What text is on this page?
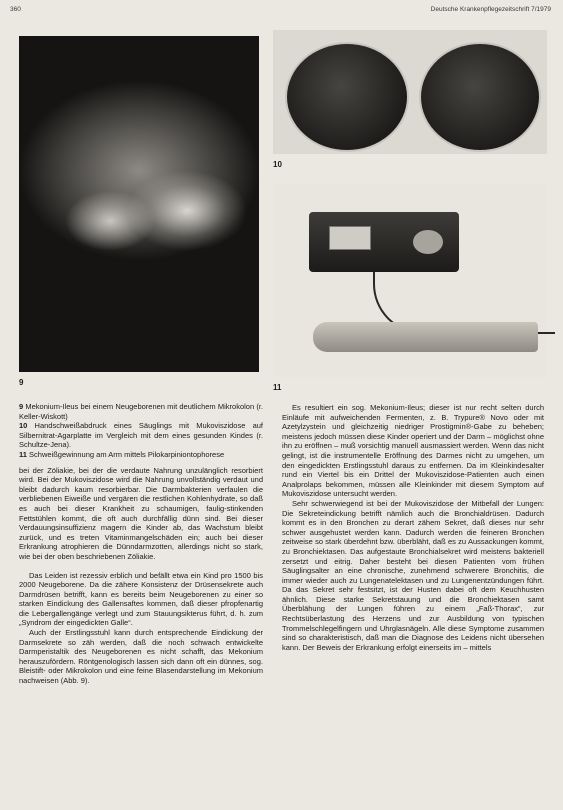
360	Deutsche Krankenpflegezeitschrift 7/1979
9
10
11

9 Mekonium-Ileus bei einem Neugeborenen mit deutlichem Mikrokolon (r. Keller-Wiskott)

10 Handschweißabdruck eines Säuglings mit Mukoviszidose auf Silbernitrat-Agarplatte im Vergleich mit dem eines gesunden Kindes (r. Schultze-Jena).

11 Schweißgewinnung am Arm mittels Pilokarpiniontophorese

bei der Zöliakie, bei der die verdaute Nahrung unzulänglich resorbiert wird. Bei der Mukoviszidose wird die Nahrung unvollständig verdaut und bleibt dadurch kaum resorbierbar. Die Darmbakterien verfaulen die verbliebenen Eiweiße und vergären die restlichen Kohlenhydrate, so daß es auch bei dieser Krankheit zu schaumigen, faulig-stinkenden Fettstühlen kommt, die oft auch durchfällig dünn sind. Bei dieser Verdauungsinsuffizienz magern die Kinder ab, das Wachstum bleibt zurück, und es treten Vitaminmangelschäden ein; auch bei dieser Erkrankung atrophieren die Dünndarmzotten, allerdings nicht so stark, wie bei der oben beschriebenen Zöliakie.

Das Leiden ist rezessiv erblich und befällt etwa ein Kind pro 1500 bis 2000 Neugeborene. Da die zähere Konsistenz der Drüsensekrete auch Darmdrüsen betrifft, kann es bereits beim Neugeborenen zu einer so starken Eindickung des Gallensaftes kommen, daß dieser pfropfenartig die Lebergallengänge verlegt und zum Stauungsikterus führt, d. h. zum „Syndrom der eingedickten Galle“.

Auch der Erstlingsstuhl kann durch entsprechende Eindickung der Darmsekrete so zäh werden, daß die noch schwach entwickelte Darmperistaltik des Neugeborenen es nicht schafft, das Mekonium herauszufördern. Röntgenologisch lassen sich dann oft ein dünnes, sog. Bleistift- oder Mikrokolon und eine feine Blasendarstellung im Mekonium nachweisen (Abb. 9).

Es resultiert ein sog. Mekonium-Ileus; dieser ist nur recht selten durch Einläufe mit aufweichenden Fermenten, z. B. Trypure® Novo oder mit Azetylzystein und gleichzeitig niedriger Prostigmin®-Gabe zu beheben; meistens jedoch müssen diese Kinder operiert und der Darm – möglichst ohne ihn zu eröffnen – muß vorsichtig manuell ausmassiert werden. Wenn das nicht gelingt, ist die instrumentelle Eröffnung des Darmes nicht zu umgehen, um den eingedickten Erstlingsstuhl daraus zu entfernen. Da im Kleinkindesalter rund ein Viertel bis ein Drittel der Mukoviszidose-Patienten auch einen Analprolaps bekommen, müssen alle Kleinkinder mit diesem Symptom auf Mukoviszidose untersucht werden.

Sehr schwerwiegend ist bei der Mukoviszidose der Mitbefall der Lungen: Die Sekreteindickung betrifft nämlich auch die Bronchialdrüsen. Dadurch kommt es in den Bronchen zu derart zähem Sekret, daß dieses nur sehr schwer ausgehustet werden kann. Dadurch werden die feineren Bronchen zeitweise so stark überdehnt bzw. überbläht, daß es zu Aussackungen kommt, zu Bronchiektasen. Das aufgestaute Bronchialsekret wird meistens bakteriell zersetzt und eitrig. Daher besteht bei diesen Patienten vom frühen Säuglingsalter an eine chronische, zunehmend schwerere Bronchitis, die immer wieder auch zu Lungenatelektasen und zu Lungenentzündungen führt. Da das Sekret sehr festsitzt, ist der Husten dabei oft dem Keuchhusten ähnlich. Diese starke Sekretstauung und die Bronchiektasen samt Überblähung der Lungen führen zu einem „Faß-Thorax“, zur Rechtsüberlastung des Herzens und zur Ausbildung von typischen Trommelschlegelfingern und Uhrglasnägeln. Alle diese Symptome zusammen sind so charakteristisch, daß man die Diagnose des Leidens nicht übersehen kann. Der Beweis der Erkrankung erfolgt einerseits im – mittels
